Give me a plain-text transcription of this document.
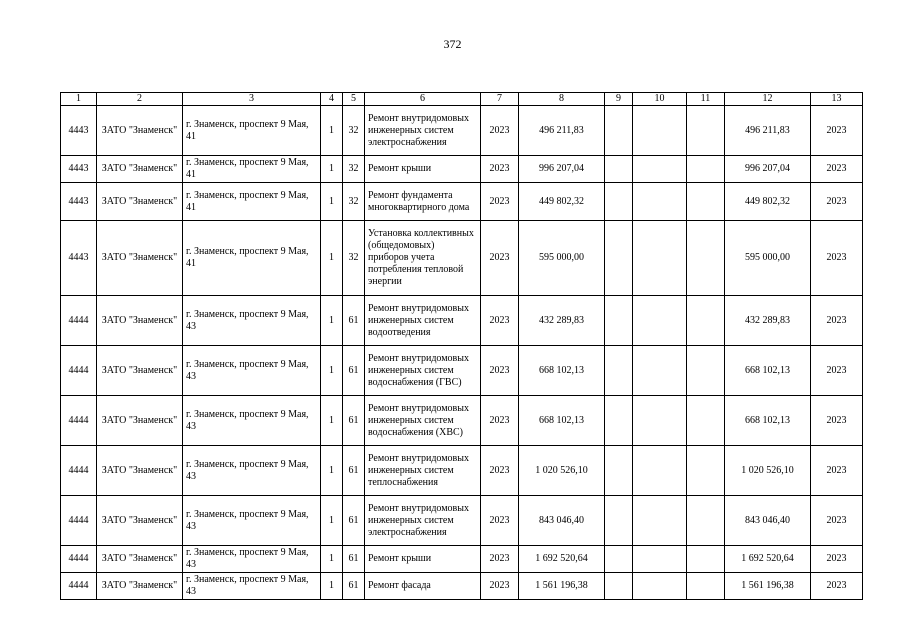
372
1	2	3	4	5	6	7	8	9	10	11	12	13
4443	ЗАТО "Знаменск"	г. Знаменск, проспект 9 Мая, 41	1	32	Ремонт внутридомовых инженерных систем электроснабжения	2023	496 211,83				496 211,83	2023
4443	ЗАТО "Знаменск"	г. Знаменск, проспект 9 Мая, 41	1	32	Ремонт крыши	2023	996 207,04				996 207,04	2023
4443	ЗАТО "Знаменск"	г. Знаменск, проспект 9 Мая, 41	1	32	Ремонт фундамента многоквартирного дома	2023	449 802,32				449 802,32	2023
4443	ЗАТО "Знаменск"	г. Знаменск, проспект 9 Мая, 41	1	32	Установка коллективных (общедомовых) приборов учета потребления тепловой энергии	2023	595 000,00				595 000,00	2023
4444	ЗАТО "Знаменск"	г. Знаменск, проспект 9 Мая, 43	1	61	Ремонт внутридомовых инженерных систем водоотведения	2023	432 289,83				432 289,83	2023
4444	ЗАТО "Знаменск"	г. Знаменск, проспект 9 Мая, 43	1	61	Ремонт внутридомовых инженерных систем водоснабжения (ГВС)	2023	668 102,13				668 102,13	2023
4444	ЗАТО "Знаменск"	г. Знаменск, проспект 9 Мая, 43	1	61	Ремонт внутридомовых инженерных систем водоснабжения (ХВС)	2023	668 102,13				668 102,13	2023
4444	ЗАТО "Знаменск"	г. Знаменск, проспект 9 Мая, 43	1	61	Ремонт внутридомовых инженерных систем теплоснабжения	2023	1 020 526,10				1 020 526,10	2023
4444	ЗАТО "Знаменск"	г. Знаменск, проспект 9 Мая, 43	1	61	Ремонт внутридомовых инженерных систем электроснабжения	2023	843 046,40				843 046,40	2023
4444	ЗАТО "Знаменск"	г. Знаменск, проспект 9 Мая, 43	1	61	Ремонт крыши	2023	1 692 520,64				1 692 520,64	2023
4444	ЗАТО "Знаменск"	г. Знаменск, проспект 9 Мая, 43	1	61	Ремонт фасада	2023	1 561 196,38				1 561 196,38	2023
